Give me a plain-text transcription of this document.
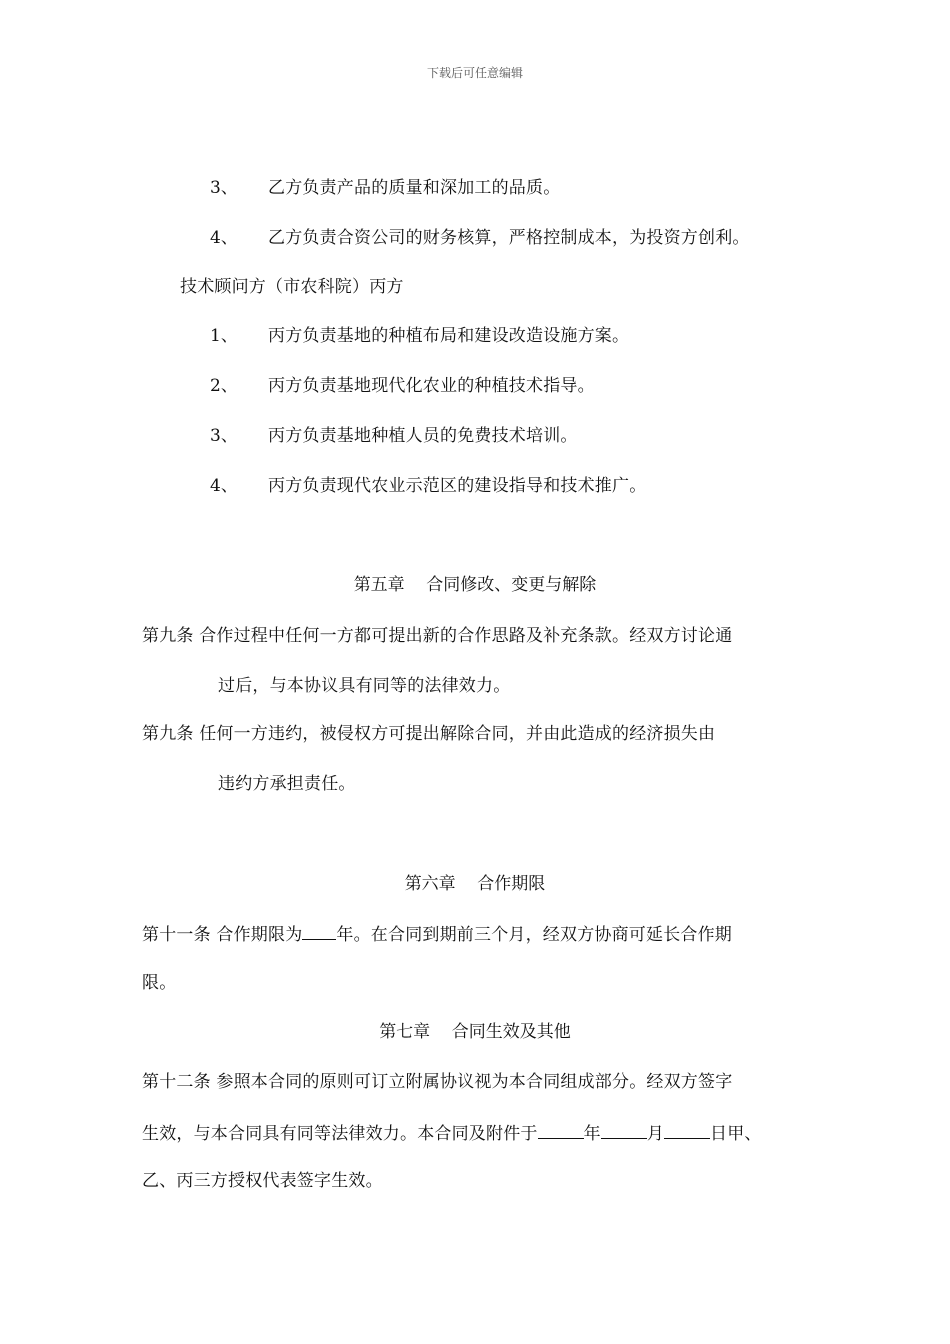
下载后可任意编辑
3、 乙方负责产品的质量和深加工的品质。
4、 乙方负责合资公司的财务核算，严格控制成本，为投资方创利。
技术顾问方（市农科院）丙方
1、 丙方负责基地的种植布局和建设改造设施方案。
2、 丙方负责基地现代化农业的种植技术指导。
3、 丙方负责基地种植人员的免费技术培训。
4、 丙方负责现代农业示范区的建设指导和技术推广。
第五章    合同修改、变更与解除
第九条 合作过程中任何一方都可提出新的合作思路及补充条款。经双方讨论通
过后，与本协议具有同等的法律效力。
第九条 任何一方违约，被侵权方可提出解除合同，并由此造成的经济损失由
违约方承担责任。
第六章    合作期限
第十一条 合作期限为 年。在合同到期前三个月，经双方协商可延长合作期
限。
第七章    合同生效及其他
第十二条 参照本合同的原则可订立附属协议视为本合同组成部分。经双方签字
生效，与本合同具有同等法律效力。本合同及附件于	年	月	日甲、
乙、丙三方授权代表签字生效。
